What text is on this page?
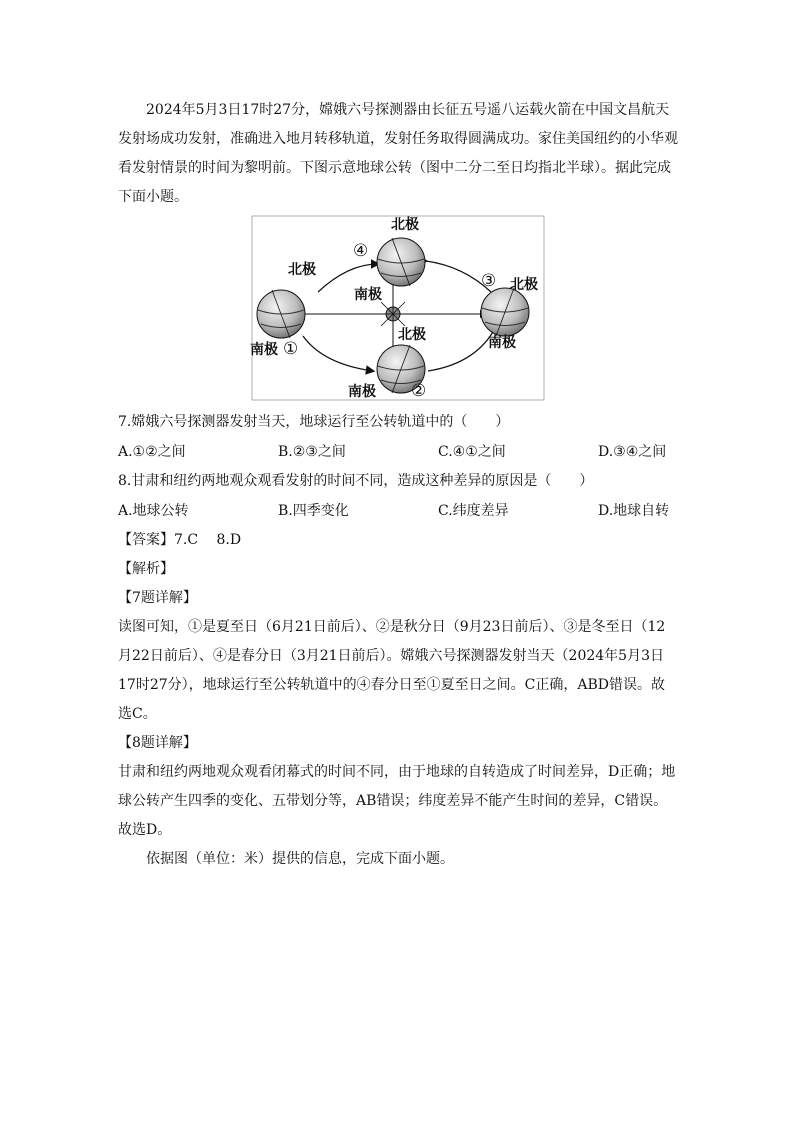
2024年5月3日17时27分，嫦娥六号探测器由长征五号遥八运载火箭在中国文昌航天发射场成功发射，准确进入地月转移轨道，发射任务取得圆满成功。家住美国纽约的小华观看发射情景的时间为黎明前。下图示意地球公转（图中二分二至日均指北半球）。据此完成下面小题。

北极
北极
北极
北极
南极
南极	南极
南极
①
②
③
④

7.嫦娥六号探测器发射当天，地球运行至公转轨道中的（　　）

A.①②之间	B.②③之间	C.④①之间	D.③④之间

8.甘肃和纽约两地观众观看发射的时间不同，造成这种差异的原因是（　　）

A.地球公转	B.四季变化	C.纬度差异	D.地球自转

【答案】7.C　 8.D

【解析】

【7题详解】

读图可知，①是夏至日（6月21日前后）、②是秋分日（9月23日前后）、③是冬至日（12月22日前后）、④是春分日（3月21日前后）。嫦娥六号探测器发射当天（2024年5月3日17时27分），地球运行至公转轨道中的④春分日至①夏至日之间。C正确，ABD错误。故选C。

【8题详解】

甘肃和纽约两地观众观看闭幕式的时间不同，由于地球的自转造成了时间差异，D正确；地球公转产生四季的变化、五带划分等，AB错误；纬度差异不能产生时间的差异，C错误。故选D。

依据图（单位：米）提供的信息，完成下面小题。
